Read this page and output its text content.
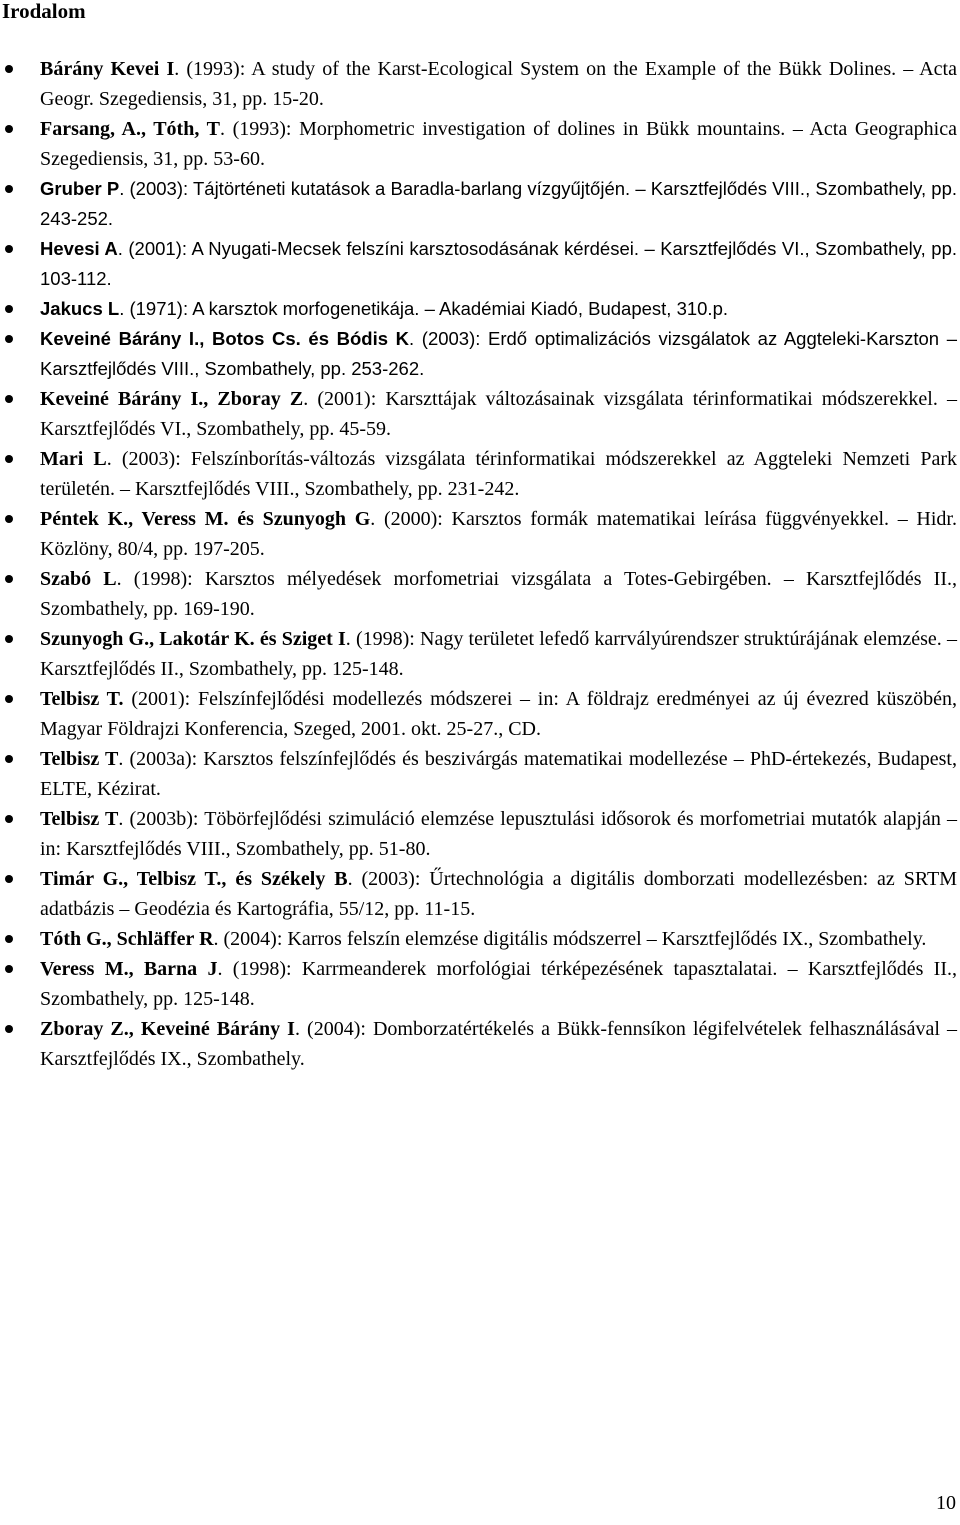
Irodalom
Bárány Kevei I. (1993): A study of the Karst-Ecological System on the Example of the Bükk Dolines. – Acta Geogr. Szegediensis, 31, pp. 15-20.
Farsang, A., Tóth, T. (1993): Morphometric investigation of dolines in Bükk mountains. – Acta Geographica Szegediensis, 31, pp. 53-60.
Gruber P. (2003): Tájtörténeti kutatások a Baradla-barlang vízgyűjtőjén. – Karsztfejlődés VIII., Szombathely, pp. 243-252.
Hevesi A. (2001): A Nyugati-Mecsek felszíni karsztosodásának kérdései. – Karsztfejlődés VI., Szombathely, pp. 103-112.
Jakucs L. (1971): A karsztok morfogenetikája. – Akadémiai Kiadó, Budapest, 310.p.
Keveiné Bárány I., Botos Cs. és Bódis K. (2003): Erdő optimalizációs vizsgálatok az Aggteleki-Karszton – Karsztfejlődés VIII., Szombathely, pp. 253-262.
Keveiné Bárány I., Zboray Z. (2001): Karszttájak változásainak vizsgálata térinformatikai módszerekkel. – Karsztfejlődés VI., Szombathely, pp. 45-59.
Mari L. (2003): Felszínborítás-változás vizsgálata térinformatikai módszerekkel az Aggteleki Nemzeti Park területén. – Karsztfejlődés VIII., Szombathely, pp. 231-242.
Péntek K., Veress M. és Szunyogh G. (2000): Karsztos formák matematikai leírása függvényekkel. – Hidr. Közlöny, 80/4, pp. 197-205.
Szabó L. (1998): Karsztos mélyedések morfometriai vizsgálata a Totes-Gebirgében. – Karsztfejlődés II., Szombathely, pp. 169-190.
Szunyogh G., Lakotár K. és Sziget I. (1998): Nagy területet lefedő karrvályúrendszer struktúrájának elemzése. – Karsztfejlődés II., Szombathely, pp. 125-148.
Telbisz T. (2001): Felszínfejlődési modellezés módszerei – in: A földrajz eredményei az új évezred küszöbén, Magyar Földrajzi Konferencia, Szeged, 2001. okt. 25-27., CD.
Telbisz T. (2003a): Karsztos felszínfejlődés és beszivárgás matematikai modellezése – PhD-értekezés, Budapest, ELTE, Kézirat.
Telbisz T. (2003b): Töbörfejlődési szimuláció elemzése lepusztulási idősorok és morfometriai mutatók alapján – in: Karsztfejlődés VIII., Szombathely, pp. 51-80.
Timár G., Telbisz T., és Székely B. (2003): Űrtechnológia a digitális domborzati modellezésben: az SRTM adatbázis – Geodézia és Kartográfia, 55/12, pp. 11-15.
Tóth G., Schläffer R. (2004): Karros felszín elemzése digitális módszerrel – Karsztfejlődés IX., Szombathely.
Veress M., Barna J. (1998): Karrmeanderek morfológiai térképezésének tapasztalatai. – Karsztfejlődés II., Szombathely, pp. 125-148.
Zboray Z., Keveiné Bárány I. (2004): Domborzatértékelés a Bükk-fennsíkon légifelvételek felhasználásával – Karsztfejlődés IX., Szombathely.
10
